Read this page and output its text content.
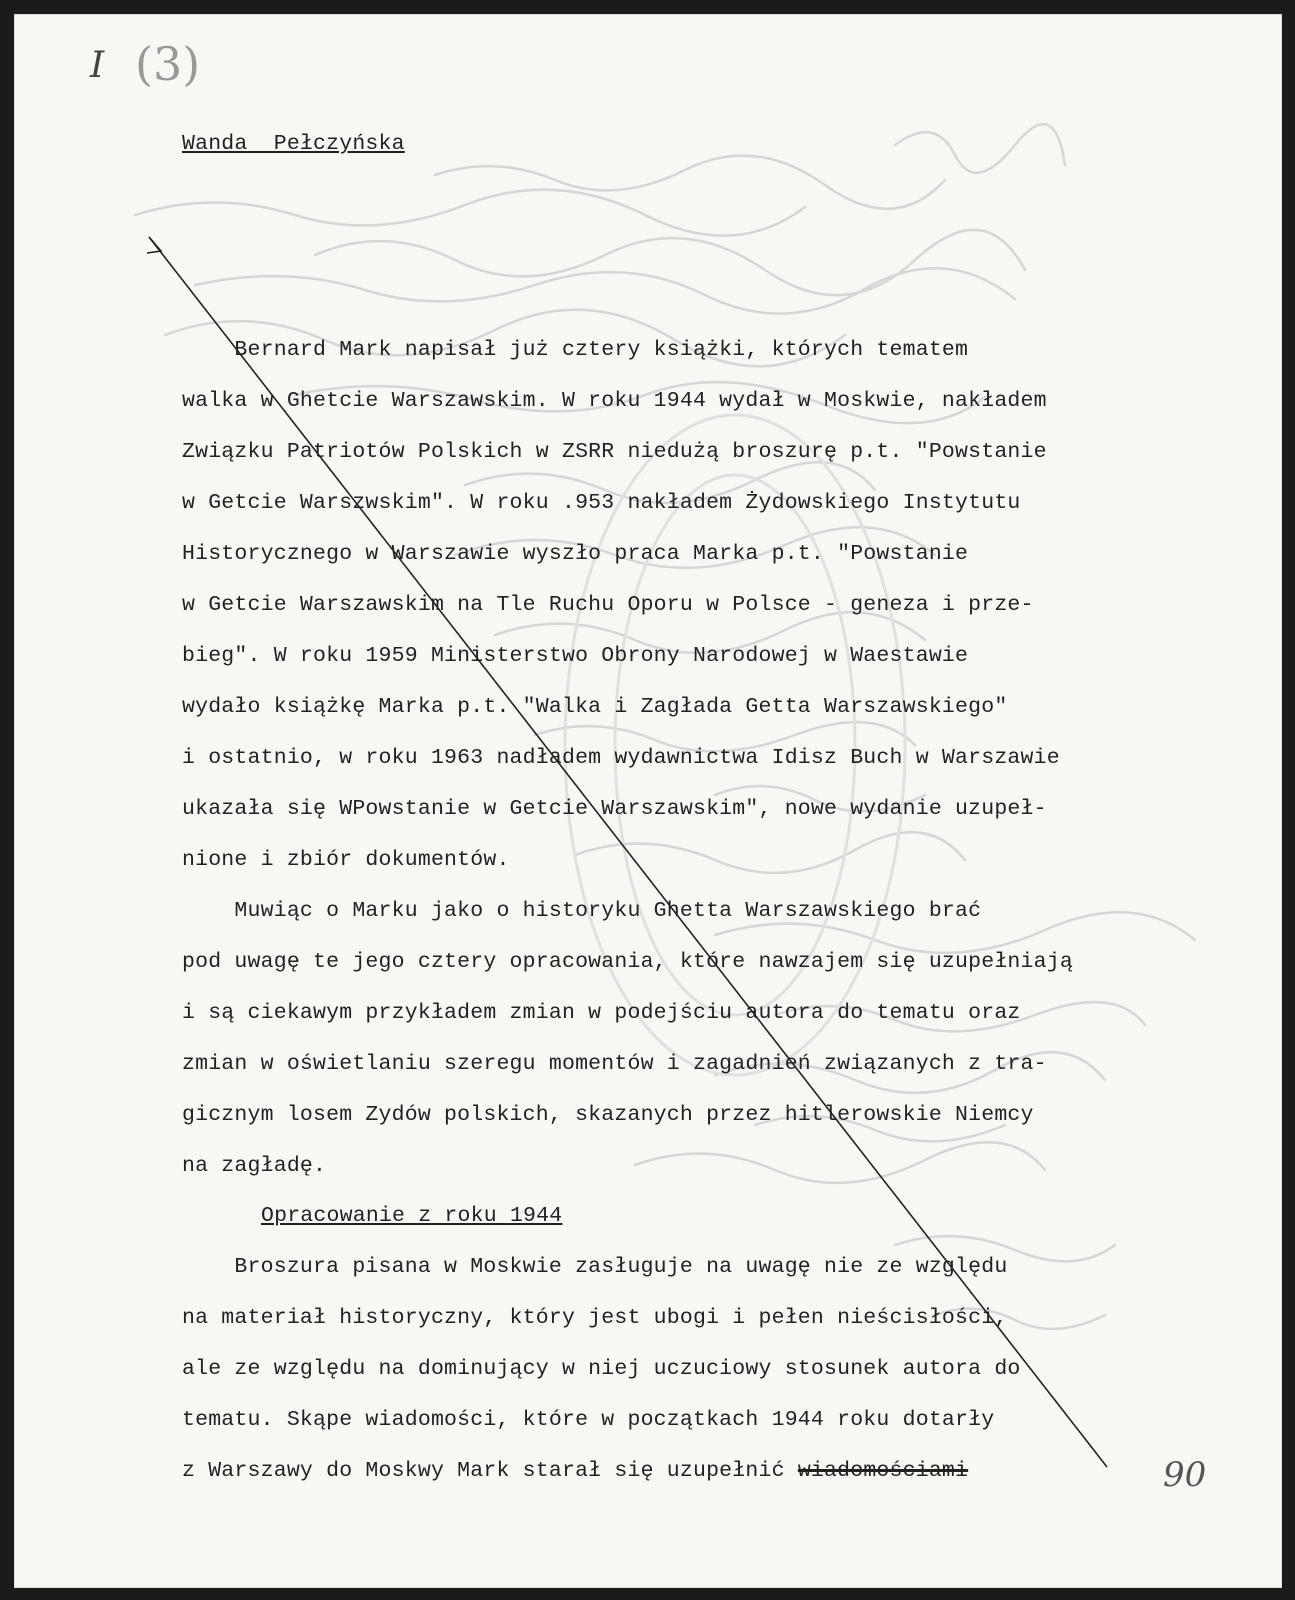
I (3)
Wanda  Pełczyńska
Bernard Mark napisał już cztery książki, których tematem
walka w Ghetcie Warszawskim. W roku 1944 wydał w Moskwie, nakładem
Związku Patriotów Polskich w ZSRR niedużą broszurę p.t. "Powstanie
w Getcie Warszwskim". W roku .953 nakładem Żydowskiego Instytutu
Historycznego w Warszawie wyszło praca Marka p.t. "Powstanie
w Getcie Warszawskim na Tle Ruchu Oporu w Polsce - geneza i prze-
bieg". W roku 1959 Ministerstwo Obrony Narodowej w Waestawie
wydało książkę Marka p.t. "Walka i Zagłada Getta Warszawskiego"
i ostatnio, w roku 1963 nadładem wydawnictwa Idisz Buch w Warszawie
ukazała się WPowstanie w Getcie Warszawskim", nowe wydanie uzupeł-
nione i zbiór dokumentów.
Muwiąc o Marku jako o historyku Ghetta Warszawskiego brać
pod uwagę te jego cztery opracowania, które nawzajem się uzupełniają
i są ciekawym przykładem zmian w podejściu autora do tematu oraz
zmian w oświetlaniu szeregu momentów i zagadnień związanych z tra-
gicznym losem Zydów polskich, skazanych przez hitlerowskie Niemcy
na zagładę.
Opracowanie z roku 1944
Broszura pisana w Moskwie zasługuje na uwagę nie ze względu
na materiał historyczny, który jest ubogi i pełen nieścisłości,
ale ze względu na dominujący w niej uczuciowy stosunek autora do
tematu. Skąpe wiadomości, które w początkach 1944 roku dotarły
z Warszawy do Moskwy Mark starał się uzupełnić wiadomościami	90
